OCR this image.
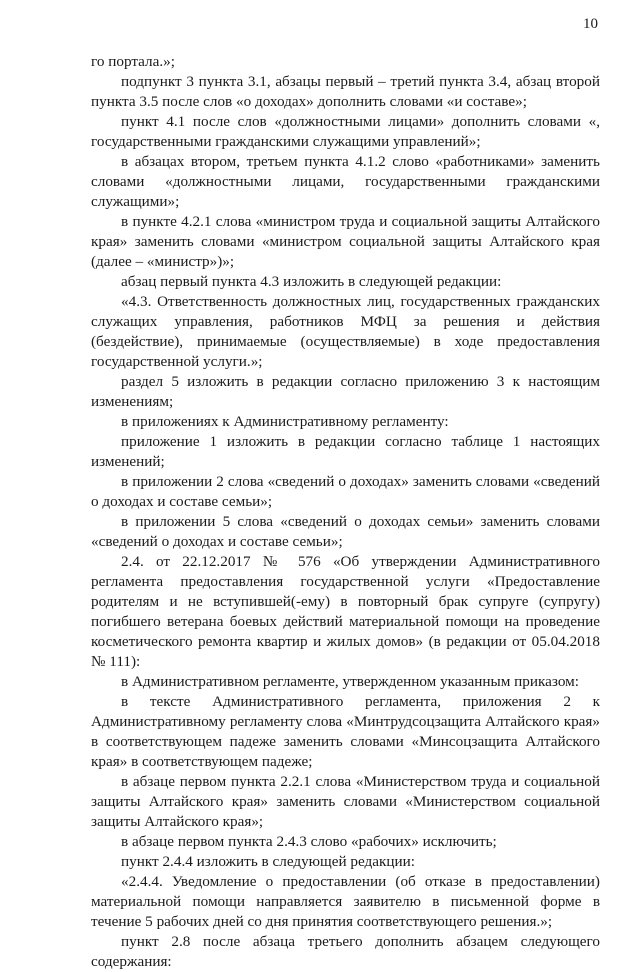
10

го портала.»;

подпункт 3 пункта 3.1, абзацы первый – третий пункта 3.4, абзац второй пункта 3.5 после слов «о доходах» дополнить словами «и составе»;

пункт 4.1 после слов «должностными лицами» дополнить словами «, государственными гражданскими служащими управлений»;

в абзацах втором, третьем пункта 4.1.2 слово «работниками» заменить словами «должностными лицами, государственными гражданскими служащими»;

в пункте 4.2.1 слова «министром труда и социальной защиты Алтайского края» заменить словами «министром социальной защиты Алтайского края (далее – «министр»)»;

абзац первый пункта 4.3 изложить в следующей редакции:

«4.3. Ответственность должностных лиц, государственных гражданских служащих управления, работников МФЦ за решения и действия (бездействие), принимаемые (осуществляемые) в ходе предоставления государственной услуги.»;

раздел 5 изложить в редакции согласно приложению 3 к настоящим изменениям;

в приложениях к Административному регламенту:

приложение 1 изложить в редакции согласно таблице 1 настоящих изменений;

в приложении 2 слова «сведений о доходах» заменить словами «сведений о доходах и составе семьи»;

в приложении 5 слова «сведений о доходах семьи» заменить словами «сведений о доходах и составе семьи»;

2.4. от 22.12.2017 № 576 «Об утверждении Административного регламента предоставления государственной услуги «Предоставление родителям и не вступившей(-ему) в повторный брак супруге (супругу) погибшего ветерана боевых действий материальной помощи на проведение косметического ремонта квартир и жилых домов» (в редакции от 05.04.2018 № 111):

в Административном регламенте, утвержденном указанным приказом:

в тексте Административного регламента, приложения 2 к Административному регламенту слова «Минтрудсоцзащита Алтайского края» в соответствующем падеже заменить словами «Минсоцзащита Алтайского края» в соответствующем падеже;

в абзаце первом пункта 2.2.1 слова «Министерством труда и социальной защиты Алтайского края» заменить словами «Министерством социальной защиты Алтайского края»;

в абзаце первом пункта 2.4.3 слово «рабочих» исключить;

пункт 2.4.4 изложить в следующей редакции:

«2.4.4. Уведомление о предоставлении (об отказе в предоставлении) материальной помощи направляется заявителю в письменной форме в течение 5 рабочих дней со дня принятия соответствующего решения.»;

пункт 2.8 после абзаца третьего дополнить абзацем следующего содержания:
